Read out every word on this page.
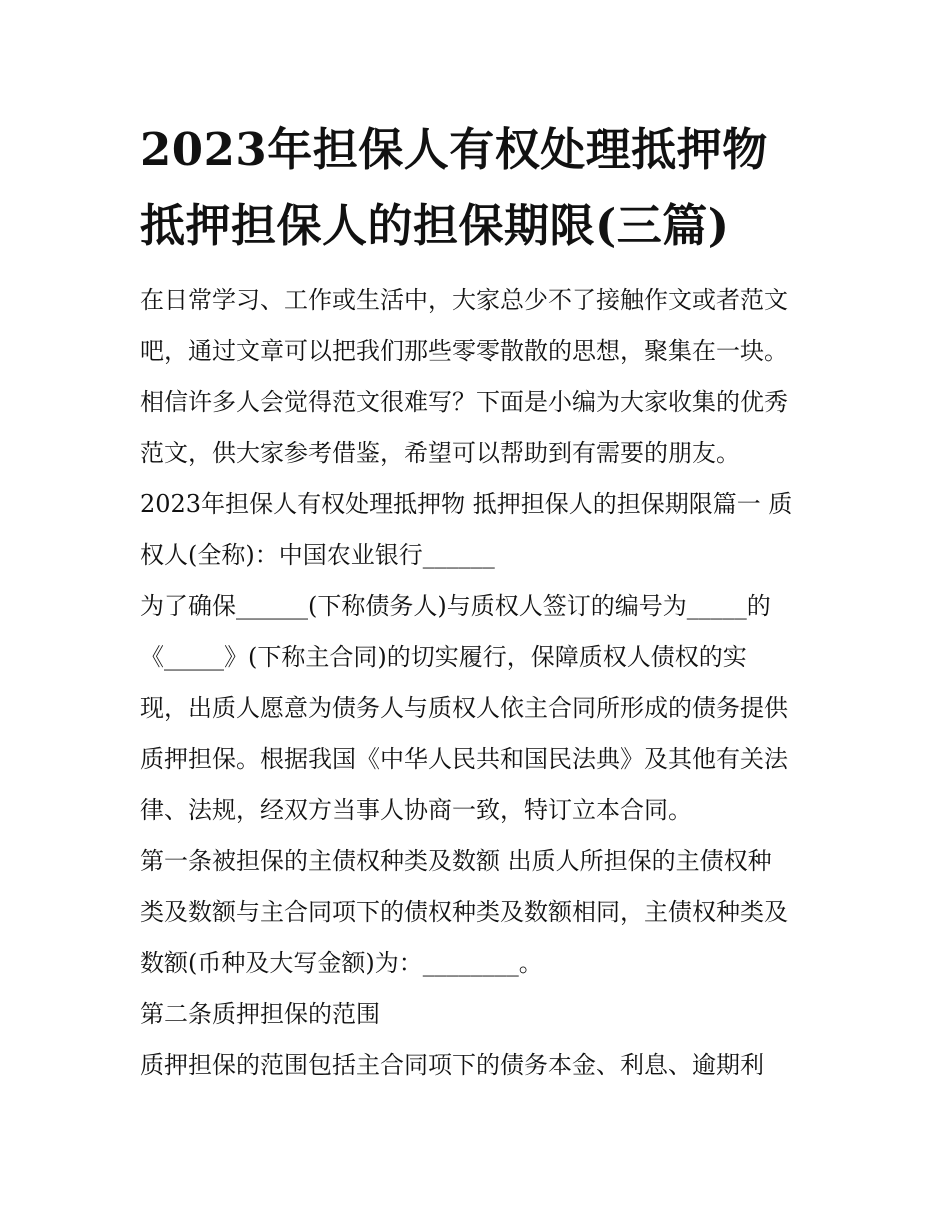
2023年担保人有权处理抵押物
抵押担保人的担保期限(三篇)
在日常学习、工作或生活中，大家总少不了接触作文或者范文
吧，通过文章可以把我们那些零零散散的思想，聚集在一块。
相信许多人会觉得范文很难写？下面是小编为大家收集的优秀
范文，供大家参考借鉴，希望可以帮助到有需要的朋友。
2023年担保人有权处理抵押物 抵押担保人的担保期限篇一 质
权人(全称)：中国农业银行______
为了确保______(下称债务人)与质权人签订的编号为_____的
《_____》(下称主合同)的切实履行，保障质权人债权的实
现，出质人愿意为债务人与质权人依主合同所形成的债务提供
质押担保。根据我国《中华人民共和国民法典》及其他有关法
律、法规，经双方当事人协商一致，特订立本合同。
第一条被担保的主债权种类及数额 出质人所担保的主债权种
类及数额与主合同项下的债权种类及数额相同，主债权种类及
数额(币种及大写金额)为：________。
第二条质押担保的范围
质押担保的范围包括主合同项下的债务本金、利息、逾期利
